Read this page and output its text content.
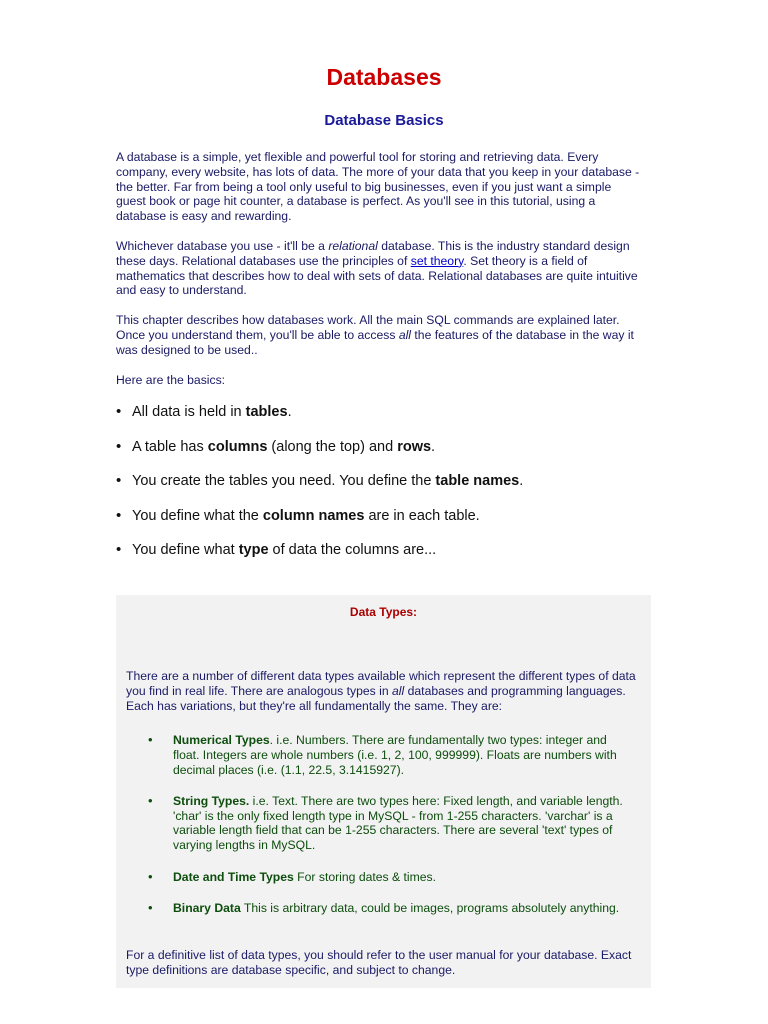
Databases
Database Basics

A database is a simple, yet flexible and powerful tool for storing and retrieving data. Every company, every website, has lots of data. The more of your data that you keep in your database - the better. Far from being a tool only useful to big businesses, even if you just want a simple guest book or page hit counter, a database is perfect. As you'll see in this tutorial, using a database is easy and rewarding.

Whichever database you use - it'll be a relational database. This is the industry standard design these days. Relational databases use the principles of set theory. Set theory is a field of mathematics that describes how to deal with sets of data. Relational databases are quite intuitive and easy to understand.

This chapter describes how databases work. All the main SQL commands are explained later. Once you understand them, you'll be able to access all the features of the database in the way it was designed to be used..

Here are the basics:

• All data is held in tables.
• A table has columns (along the top) and rows.
• You create the tables you need. You define the table names.
• You define what the column names are in each table.
• You define what type of data the columns are...
Data Types:

There are a number of different data types available which represent the different types of data you find in real life. There are analogous types in all databases and programming languages. Each has variations, but they're all fundamentally the same. They are:

• Numerical Types. i.e. Numbers. There are fundamentally two types: integer and float. Integers are whole numbers (i.e. 1, 2, 100, 999999). Floats are numbers with decimal places (i.e. (1.1, 22.5, 3.1415927).
• String Types. i.e. Text. There are two types here: Fixed length, and variable length. 'char' is the only fixed length type in MySQL - from 1-255 characters. 'varchar' is a variable length field that can be 1-255 characters. There are several 'text' types of varying lengths in MySQL.
• Date and Time Types For storing dates & times.
• Binary Data This is arbitrary data, could be images, programs absolutely anything.

For a definitive list of data types, you should refer to the user manual for your database. Exact type definitions are database specific, and subject to change.
